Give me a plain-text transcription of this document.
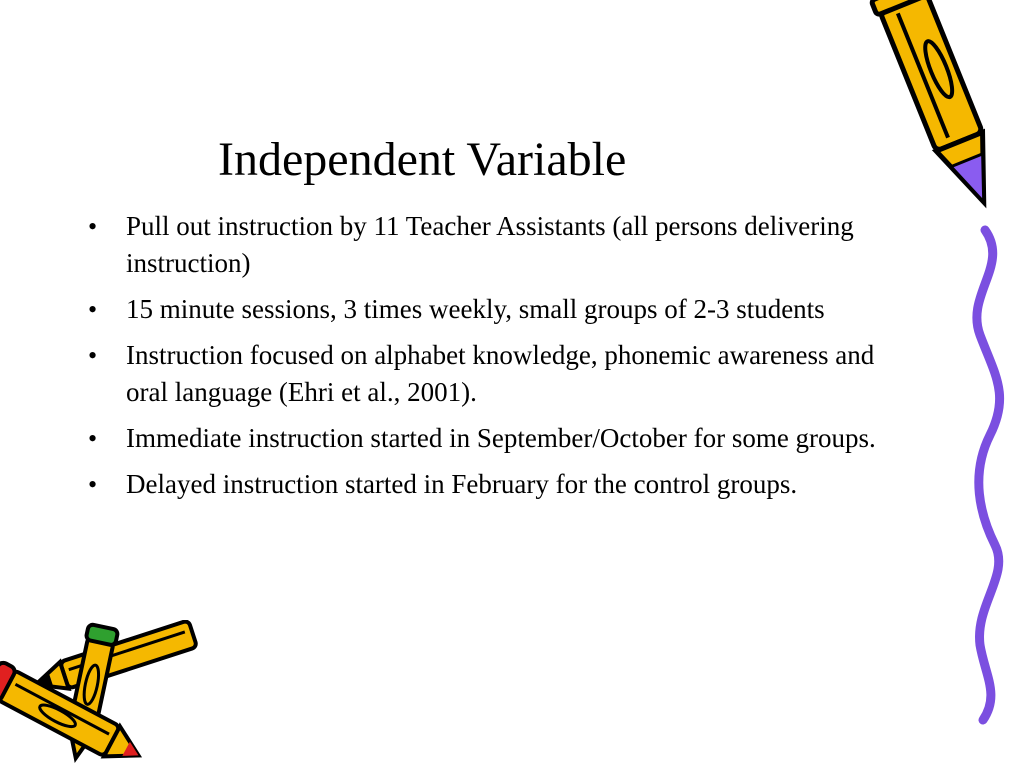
Independent Variable
• Pull out instruction by 11 Teacher Assistants (all persons delivering instruction)
• 15 minute sessions, 3 times weekly, small groups of 2-3 students
• Instruction focused on alphabet knowledge, phonemic awareness and oral language (Ehri et al., 2001).
• Immediate instruction started in September/October for some groups.
• Delayed instruction started in February for the control groups.
